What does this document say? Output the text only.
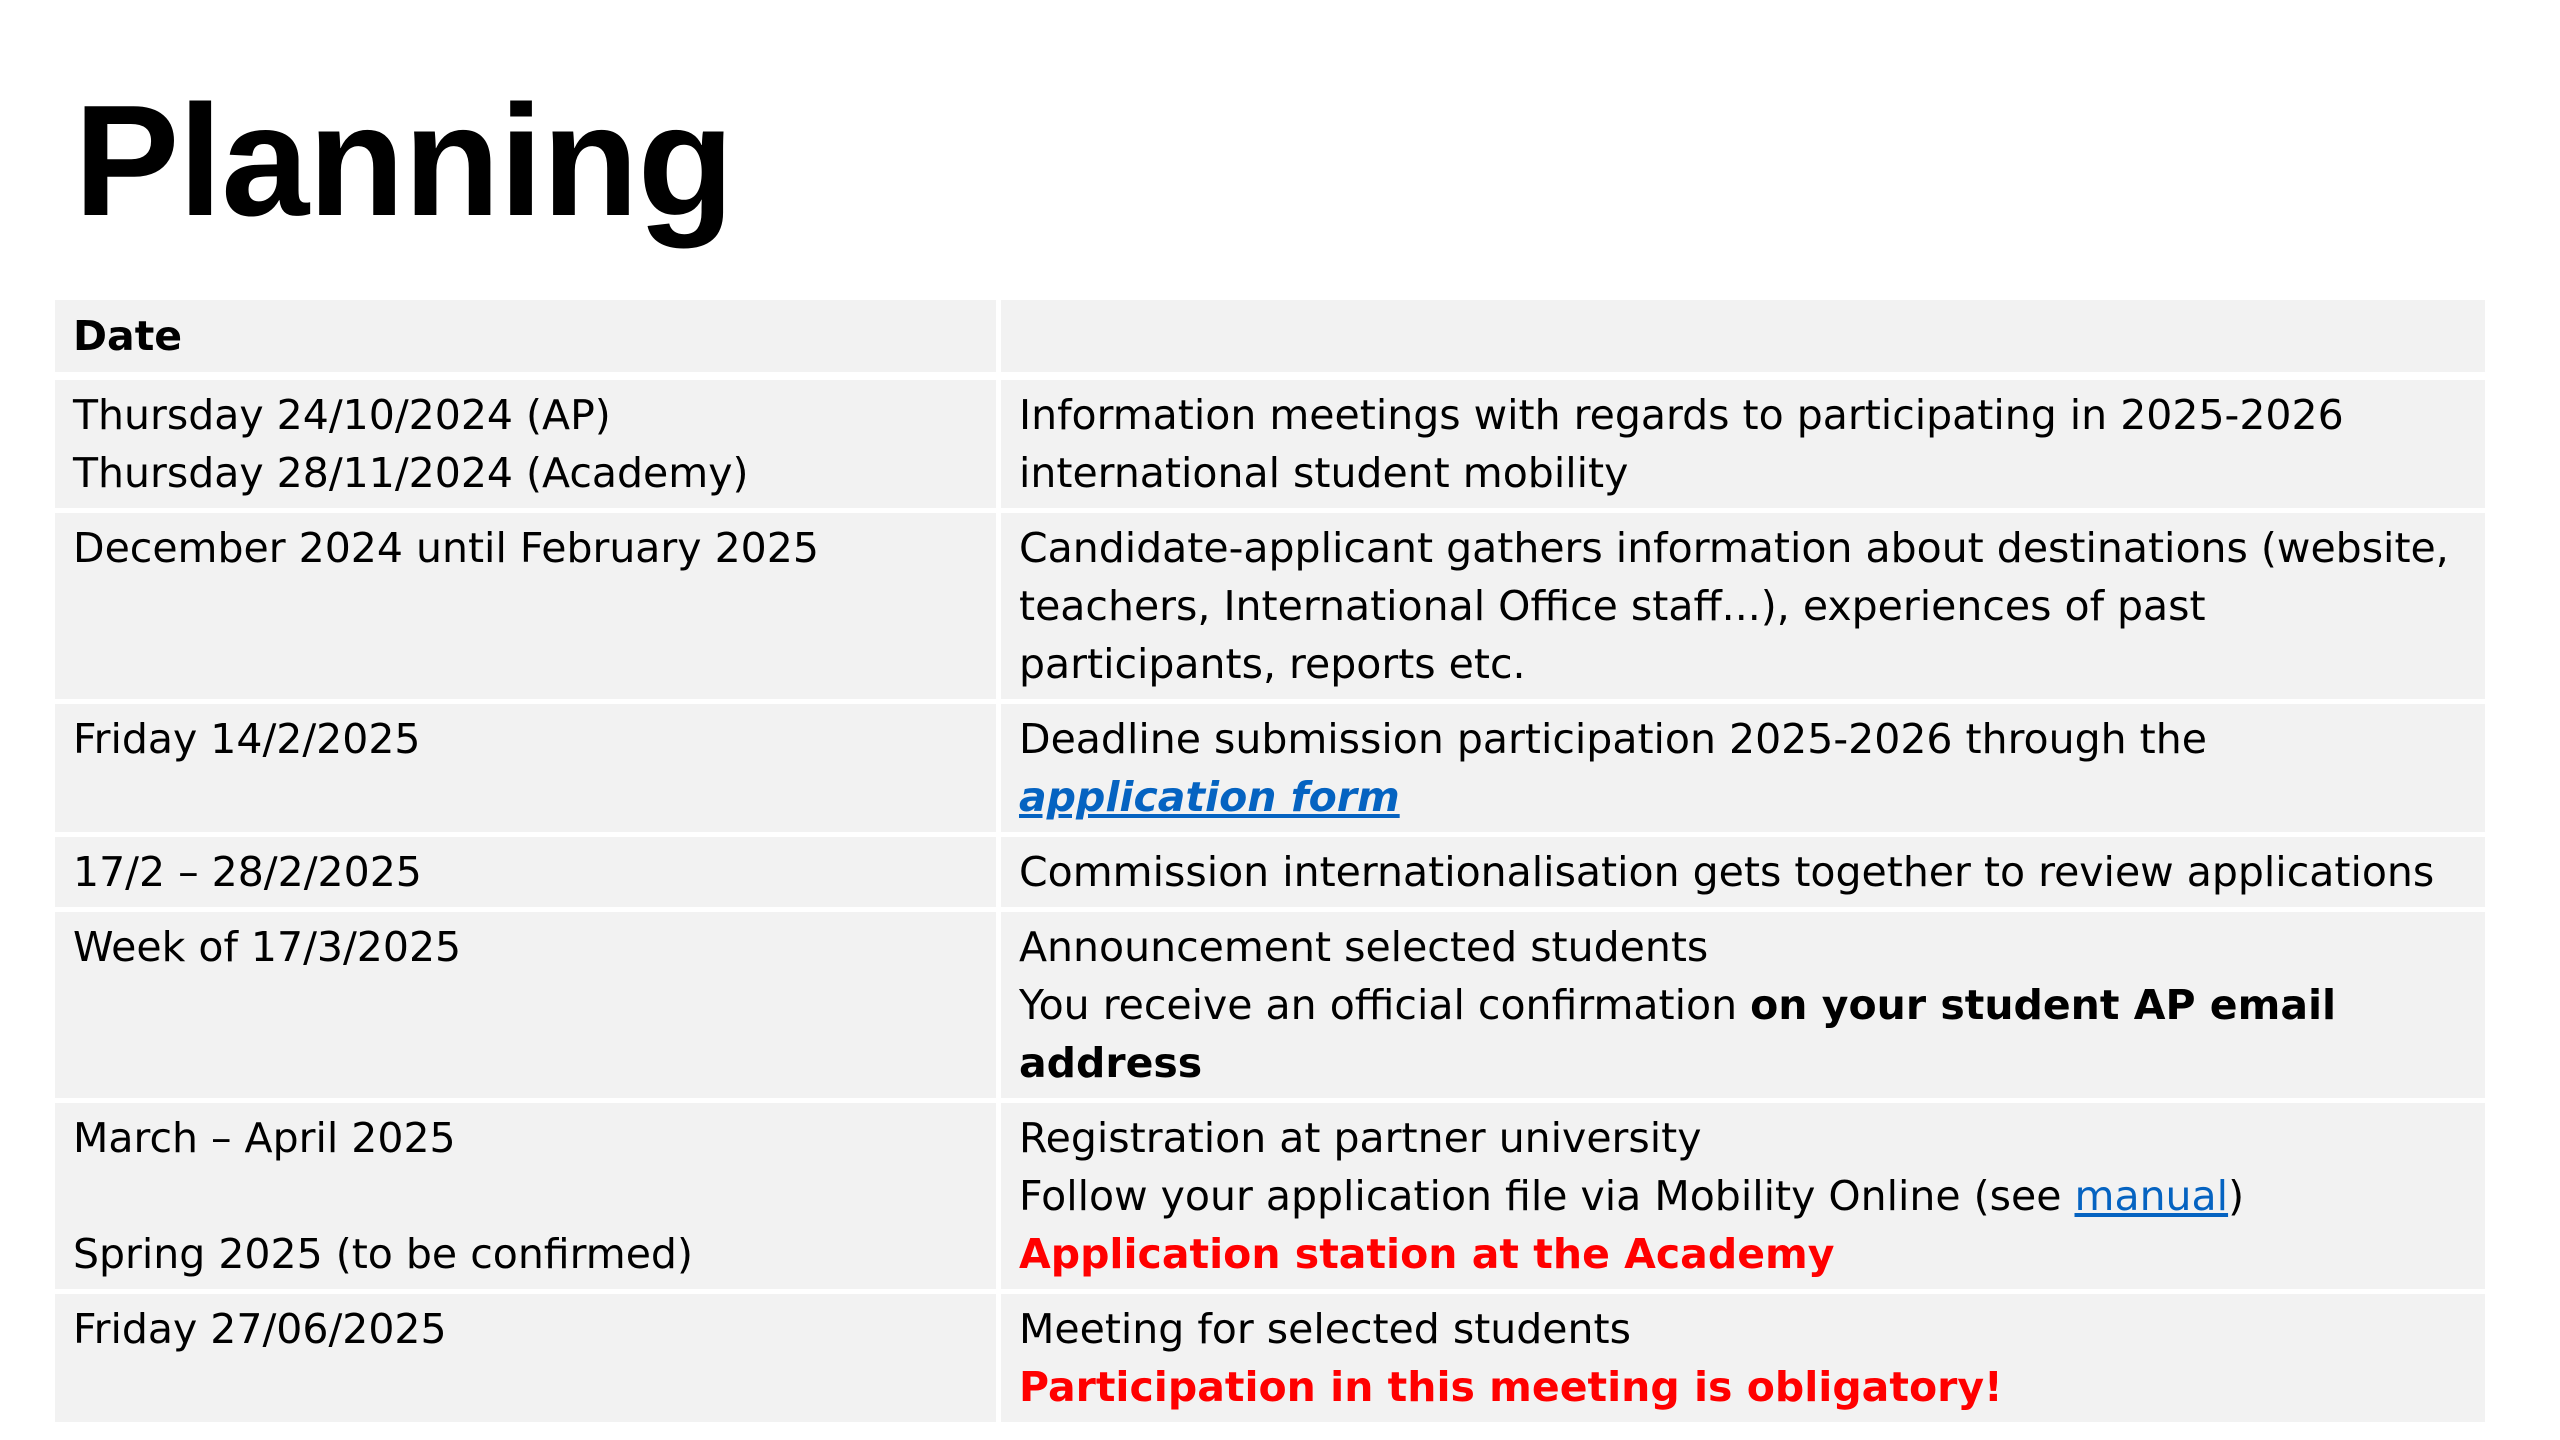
Planning
Date	

Thursday 24/10/2024 (AP)
Thursday 28/11/2024 (Academy)	Information meetings with regards to participating in 2025-2026 international student mobility

December 2024 until February 2025	Candidate-applicant gathers information about destinations (website, teachers, International Office staff...), experiences of past participants, reports etc.

Friday 14/2/2025	Deadline submission participation 2025-2026 through the application form

17/2 – 28/2/2025	Commission internationalisation gets together to review applications

Week of 17/3/2025	Announcement selected students
You receive an official confirmation on your student AP email address

March – April 2025
Spring 2025 (to be confirmed)	Registration at partner university
Follow your application file via Mobility Online (see manual)
Application station at the Academy

Friday 27/06/2025	Meeting for selected students
Participation in this meeting is obligatory!
